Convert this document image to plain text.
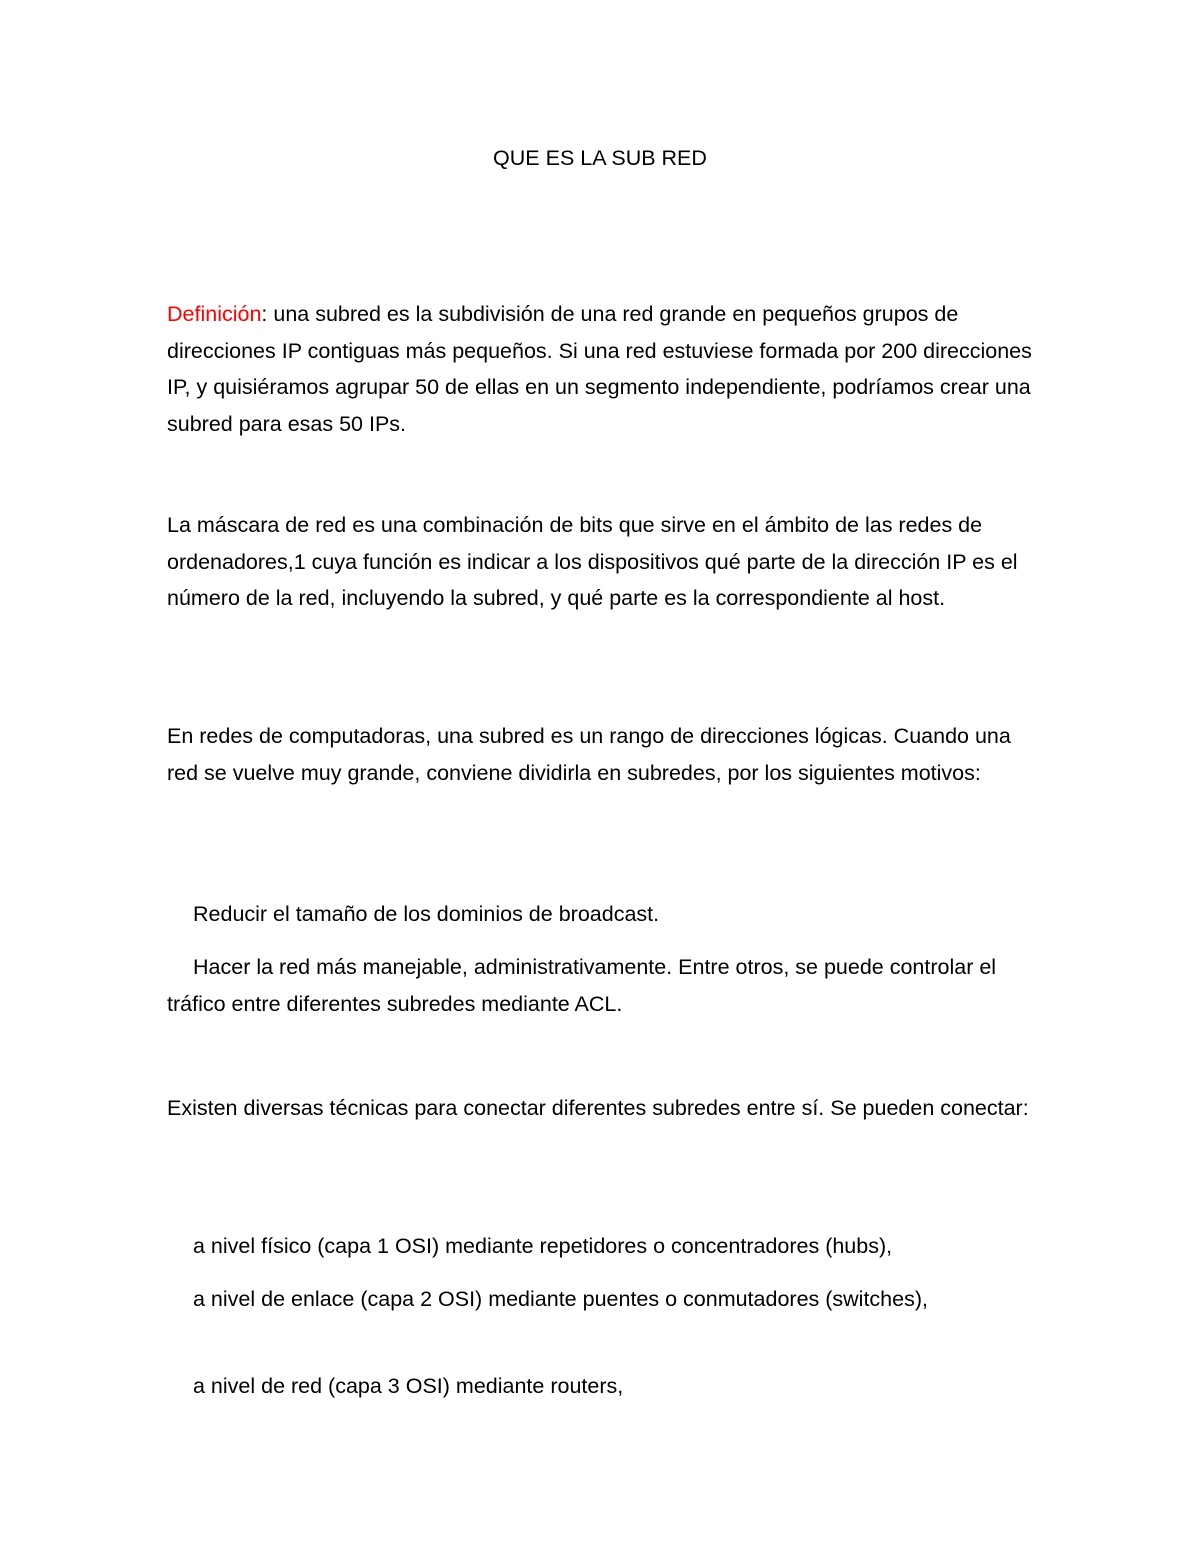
QUE ES LA SUB RED

Definición: una subred es la subdivisión de una red grande en pequeños grupos de direcciones IP contiguas más pequeños. Si una red estuviese formada por 200 direcciones IP, y quisiéramos agrupar 50 de ellas en un segmento independiente, podríamos crear una subred para esas 50 IPs.

La máscara de red es una combinación de bits que sirve en el ámbito de las redes de ordenadores,1 cuya función es indicar a los dispositivos qué parte de la dirección IP es el número de la red, incluyendo la subred, y qué parte es la correspondiente al host.

En redes de computadoras, una subred es un rango de direcciones lógicas. Cuando una red se vuelve muy grande, conviene dividirla en subredes, por los siguientes motivos:

Reducir el tamaño de los dominios de broadcast.

Hacer la red más manejable, administrativamente. Entre otros, se puede controlar el tráfico entre diferentes subredes mediante ACL.

Existen diversas técnicas para conectar diferentes subredes entre sí. Se pueden conectar:

a nivel físico (capa 1 OSI) mediante repetidores o concentradores (hubs),

a nivel de enlace (capa 2 OSI) mediante puentes o conmutadores (switches),

a nivel de red (capa 3 OSI) mediante routers,
